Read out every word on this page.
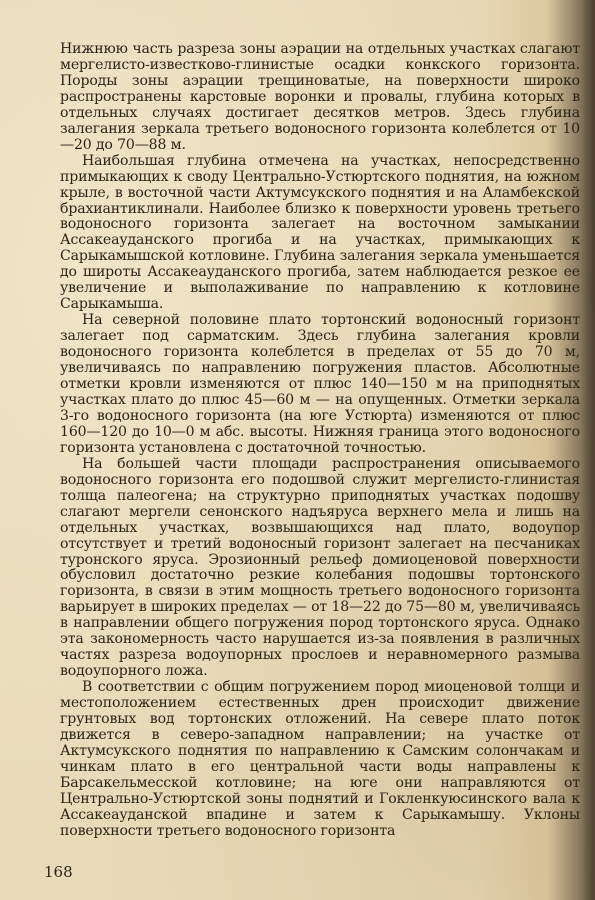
Нижнюю часть разреза зоны аэрации на отдельных участках слагают мергелисто-известково-глинистые осадки конкского горизонта. Породы зоны аэрации трещиноватые, на поверхности широко распространены карстовые воронки и провалы, глубина которых в отдельных случаях достигает десятков метров. Здесь глубина залегания зеркала третьего водоносного горизонта колеблется от 10—20 до 70—88 м.

Наибольшая глубина отмечена на участках, непосредственно примыкающих к своду Центрально-Устюртского поднятия, на южном крыле, в восточной части Актумсукского поднятия и на Аламбекской брахиантиклинали. Наиболее близко к поверхности уровень третьего водоносного горизонта залегает на восточном замыкании Ассакеауданского прогиба и на участках, примыкающих к Сарыкамышской котловине. Глубина залегания зеркала уменьшается до широты Ассакеауданского прогиба, затем наблюдается резкое ее увеличение и выполаживание по направлению к котловине Сарыкамыша.

На северной половине плато тортонский водоносный горизонт залегает под сарматским. Здесь глубина залегания кровли водоносного горизонта колеблется в пределах от 55 до 70 м, увеличиваясь по направлению погружения пластов. Абсолютные отметки кровли изменяются от плюс 140—150 м на приподнятых участках плато до плюс 45—60 м — на опущенных. Отметки зеркала 3-го водоносного горизонта (на юге Устюрта) изменяются от плюс 160—120 до 10—0 м абс. высоты. Нижняя граница этого водоносного горизонта установлена с достаточной точностью.

На большей части площади распространения описываемого водоносного горизонта его подошвой служит мергелисто-глинистая толща палеогена; на структурно приподнятых участках подошву слагают мергели сенонского надъяруса верхнего мела и лишь на отдельных участках, возвышающихся над плато, водоупор отсутствует и третий водоносный горизонт залегает на песчаниках туронского яруса. Эрозионный рельеф домиоценовой поверхности обусловил достаточно резкие колебания подошвы тортонского горизонта, в связи в этим мощность третьего водоносного горизонта варьирует в широких пределах — от 18—22 до 75—80 м, увеличиваясь в направлении общего погружения пород тортонского яруса. Однако эта закономерность часто нарушается из-за появления в различных частях разреза водоупорных прослоев и неравномерного размыва водоупорного ложа.

В соответствии с общим погружением пород миоценовой толщи и местоположением естественных дрен происходит движение грунтовых вод тортонских отложений. На севере плато поток движется в северо-западном направлении; на участке от Актумсукского поднятия по направлению к Самским солончакам и чинкам плато в его центральной части воды направлены к Барсакельмесской котловине; на юге они направляются от Центрально-Устюртской зоны поднятий и Гокленкуюсинского вала к Ассакеауданской впадине и затем к Сарыкамышу. Уклоны поверхности третьего водоносного горизонта

168
